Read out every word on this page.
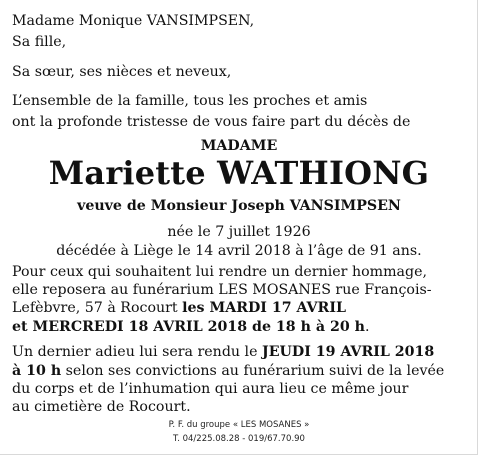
Madame Monique VANSIMPSEN,
Sa fille,
Sa sœur, ses nièces et neveux,
L’ensemble de la famille, tous les proches et amis
ont la profonde tristesse de vous faire part du décès de
MADAME
Mariette WATHIONG
veuve de Monsieur Joseph VANSIMPSEN
née le 7 juillet 1926
décédée à Liège le 14 avril 2018 à l’âge de 91 ans.
Pour ceux qui souhaitent lui rendre un dernier hommage,
elle reposera au funérarium LES MOSANES rue François-
Lefèbvre, 57 à Rocourt les MARDI 17 AVRIL
et MERCREDI 18 AVRIL 2018 de 18 h à 20 h.
Un dernier adieu lui sera rendu le JEUDI 19 AVRIL 2018
à 10 h selon ses convictions au funérarium suivi de la levée
du corps et de l’inhumation qui aura lieu ce même jour
au cimetière de Rocourt.
P. F. du groupe « LES MOSANES »
T. 04/225.08.28 - 019/67.70.90
